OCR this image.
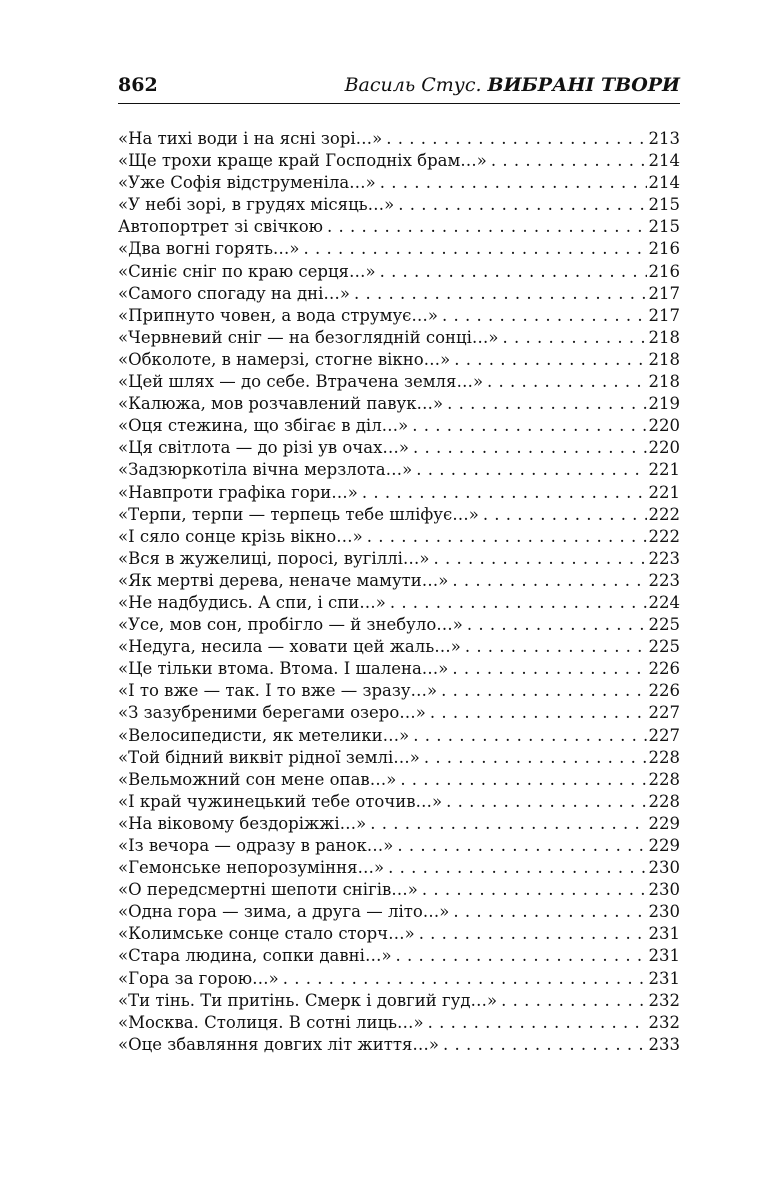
862	Василь Стус. ВИБРАНІ ТВОРИ
«На тихі води і на ясні зорі…» . . .	213
«Ще трохи краще край Господніх брам…» . . .	214
«Уже Софія відструменіла…» . . .	214
«У небі зорі, в грудях місяць…» . . .	215
Автопортрет зі свічкою . . .	215
«Два вогні горять…» . . .	216
«Синіє сніг по краю серця…» . . .	216
«Самого спогаду на дні…» . . .	217
«Припнуто човен, а вода струмує…» . . .	217
«Червневий сніг — на безоглядній сонці…» . . .	218
«Обколоте, в намерзі, стогне вікно…» . . .	218
«Цей шлях — до себе. Втрачена земля…» . . .	218
«Калюжа, мов розчавлений павук…» . . .	219
«Оця стежина, що збігає в діл…» . . .	220
«Ця світлота — до різі ув очах…» . . .	220
«Задзюркотіла вічна мерзлота…» . . .	221
«Навпроти графіка гори…» . . .	221
«Терпи, терпи — терпець тебе шліфує…» . . .	222
«І сяло сонце крізь вікно…» . . .	222
«Вся в жужелиці, поросі, вугіллі…» . . .	223
«Як мертві дерева, неначе мамути…» . . .	223
«Не надбудись. А спи, і спи…» . . .	224
«Усе, мов сон, пробігло — й знебуло…» . . .	225
«Недуга, несила — ховати цей жаль…» . . .	225
«Це тільки втома. Втома. І шалена…» . . .	226
«І то вже — так. І то вже — зразу…» . . .	226
«З зазубреними берегами озеро…» . . .	227
«Велосипедисти, як метелики…» . . .	227
«Той бідний виквіт рідної землі…» . . .	228
«Вельможний сон мене опав…» . . .	228
«І край чужинецький тебе оточив…» . . .	228
«На віковому бездоріжжі…» . . .	229
«Із вечора — одразу в ранок…» . . .	229
«Гемонське непорозуміння…» . . .	230
«О передсмертні шепоти снігів…» . . .	230
«Одна гора — зима, а друга — літо…» . . .	230
«Колимське сонце стало сторч…» . . .	231
«Стара людина, сопки давні…» . . .	231
«Гора за горою…» . . .	231
«Ти тінь. Ти притінь. Смерк і довгий гуд…» . . .	232
«Москва. Столиця. В сотні лиць…» . . .	232
«Оце збавляння довгих літ життя…» . . .	233
